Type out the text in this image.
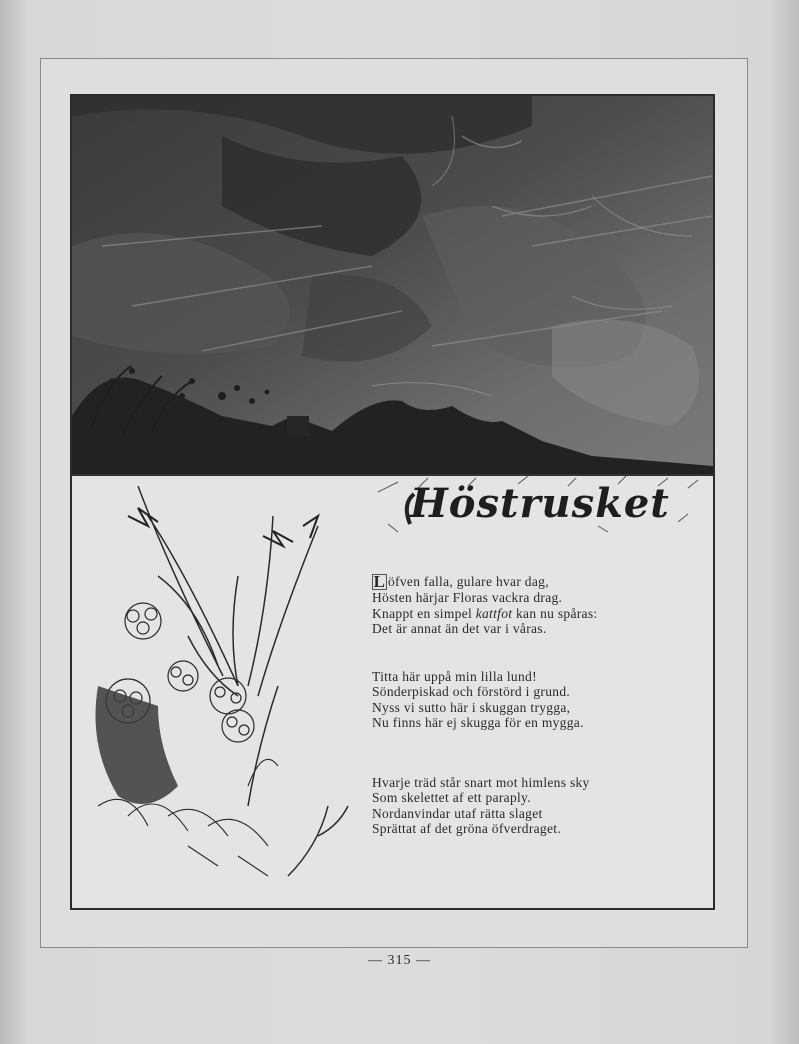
Höstrusket
L öfven falla, gulare hvar dag,
Hösten härjar Floras vackra drag.
Knappt en simpel kattfot kan nu spåras:
Det är annat än det var i våras.
Titta här uppå min lilla lund!
Sönderpiskad och förstörd i grund.
Nyss vi sutto här i skuggan trygga,
Nu finns här ej skugga för en mygga.
Hvarje träd står snart mot himlens sky
Som skelettet af ett paraply.
Nordanvindar utaf rätta slaget
Sprättat af det gröna öfverdraget.
— 315 —
